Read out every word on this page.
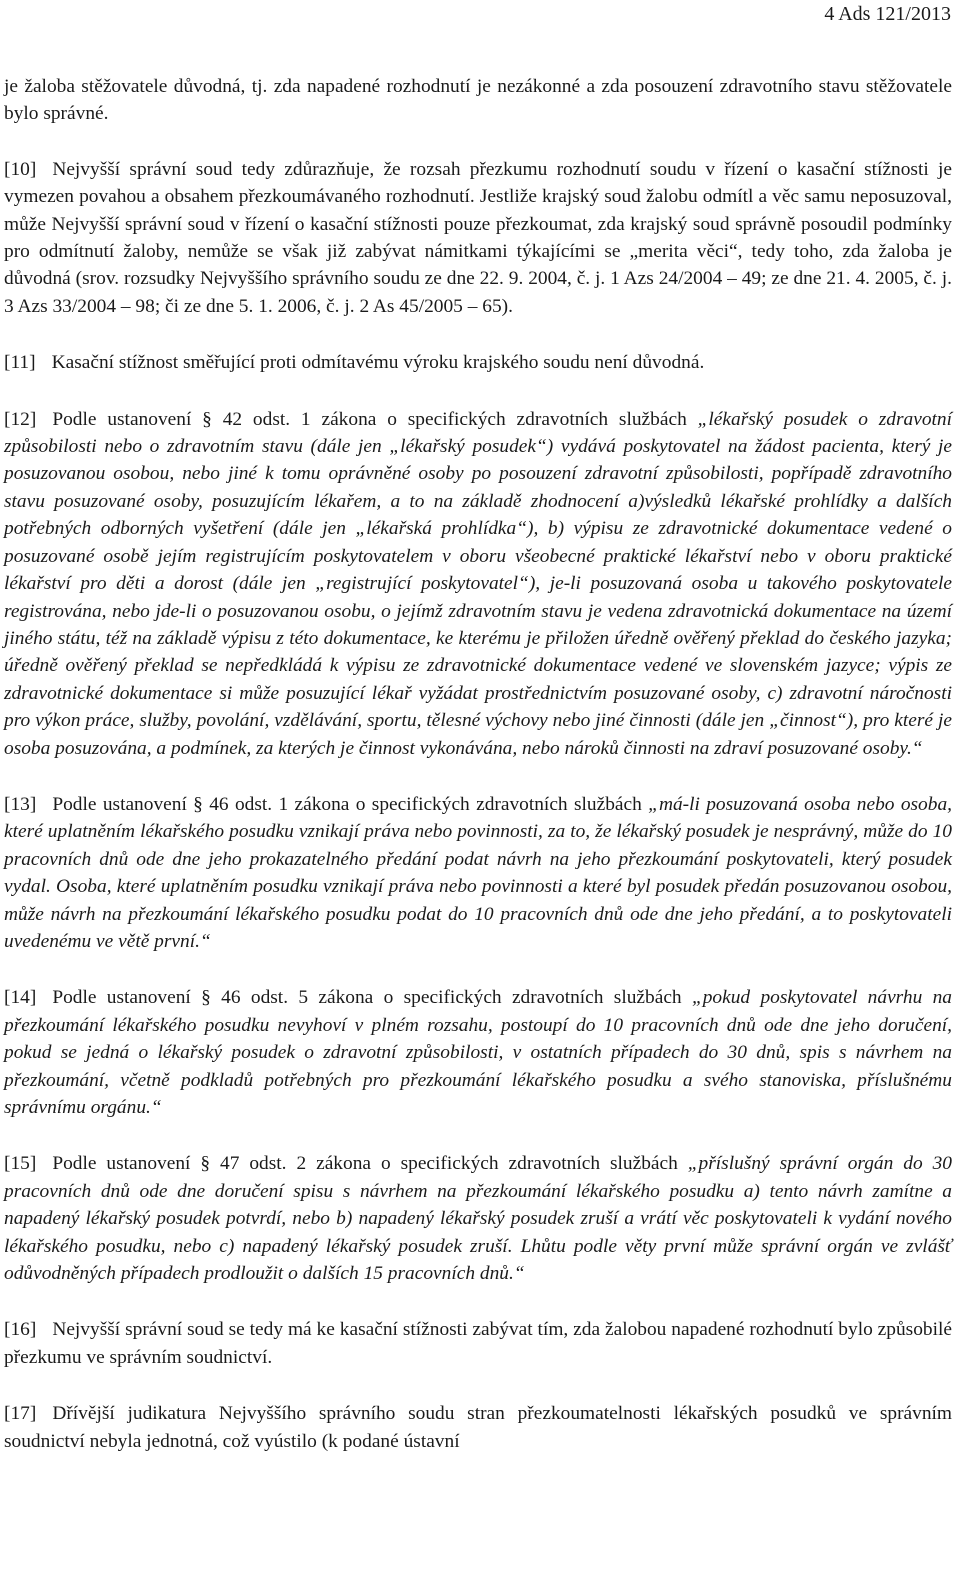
4 Ads 121/2013

je žaloba stěžovatele důvodná, tj. zda napadené rozhodnutí je nezákonné a zda posouzení zdravotního stavu stěžovatele bylo správné.

[10] Nejvyšší správní soud tedy zdůrazňuje, že rozsah přezkumu rozhodnutí soudu v řízení o kasační stížnosti je vymezen povahou a obsahem přezkoumávaného rozhodnutí. Jestliže krajský soud žalobu odmítl a věc samu neposuzoval, může Nejvyšší správní soud v řízení o kasační stížnosti pouze přezkoumat, zda krajský soud správně posoudil podmínky pro odmítnutí žaloby, nemůže se však již zabývat námitkami týkajícími se „merita věci“, tedy toho, zda žaloba je důvodná (srov. rozsudky Nejvyššího správního soudu ze dne 22. 9. 2004, č. j. 1 Azs 24/2004 – 49; ze dne 21. 4. 2005, č. j. 3 Azs 33/2004 – 98; či ze dne 5. 1. 2006, č. j. 2 As 45/2005 – 65).

[11] Kasační stížnost směřující proti odmítavému výroku krajského soudu není důvodná.

[12] Podle ustanovení § 42 odst. 1 zákona o specifických zdravotních službách „lékařský posudek o zdravotní způsobilosti nebo o zdravotním stavu (dále jen „lékařský posudek“) vydává poskytovatel na žádost pacienta, který je posuzovanou osobou, nebo jiné k tomu oprávněné osoby po posouzení zdravotní způsobilosti, popřípadě zdravotního stavu posuzované osoby, posuzujícím lékařem, a to na základě zhodnocení a)výsledků lékařské prohlídky a dalších potřebných odborných vyšetření (dále jen „lékařská prohlídka“), b) výpisu ze zdravotnické dokumentace vedené o posuzované osobě jejím registrujícím poskytovatelem v oboru všeobecné praktické lékařství nebo v oboru praktické lékařství pro děti a dorost (dále jen „registrující poskytovatel“), je-li posuzovaná osoba u takového poskytovatele registrována, nebo jde-li o posuzovanou osobu, o jejímž zdravotním stavu je vedena zdravotnická dokumentace na území jiného státu, též na základě výpisu z této dokumentace, ke kterému je přiložen úředně ověřený překlad do českého jazyka; úředně ověřený překlad se nepředkládá k výpisu ze zdravotnické dokumentace vedené ve slovenském jazyce; výpis ze zdravotnické dokumentace si může posuzující lékař vyžádat prostřednictvím posuzované osoby, c) zdravotní náročnosti pro výkon práce, služby, povolání, vzdělávání, sportu, tělesné výchovy nebo jiné činnosti (dále jen „činnost“), pro které je osoba posuzována, a podmínek, za kterých je činnost vykonávána, nebo nároků činnosti na zdraví posuzované osoby.“

[13] Podle ustanovení § 46 odst. 1 zákona o specifických zdravotních službách „má-li posuzovaná osoba nebo osoba, které uplatněním lékařského posudku vznikají práva nebo povinnosti, za to, že lékařský posudek je nesprávný, může do 10 pracovních dnů ode dne jeho prokazatelného předání podat návrh na jeho přezkoumání poskytovateli, který posudek vydal. Osoba, které uplatněním posudku vznikají práva nebo povinnosti a které byl posudek předán posuzovanou osobou, může návrh na přezkoumání lékařského posudku podat do 10 pracovních dnů ode dne jeho předání, a to poskytovateli uvedenému ve větě první.“

[14] Podle ustanovení § 46 odst. 5 zákona o specifických zdravotních službách „pokud poskytovatel návrhu na přezkoumání lékařského posudku nevyhoví v plném rozsahu, postoupí do 10 pracovních dnů ode dne jeho doručení, pokud se jedná o lékařský posudek o zdravotní způsobilosti, v ostatních případech do 30 dnů, spis s návrhem na přezkoumání, včetně podkladů potřebných pro přezkoumání lékařského posudku a svého stanoviska, příslušnému správnímu orgánu.“

[15] Podle ustanovení § 47 odst. 2 zákona o specifických zdravotních službách „příslušný správní orgán do 30 pracovních dnů ode dne doručení spisu s návrhem na přezkoumání lékařského posudku a) tento návrh zamítne a napadený lékařský posudek potvrdí, nebo b) napadený lékařský posudek zruší a vrátí věc poskytovateli k vydání nového lékařského posudku, nebo c) napadený lékařský posudek zruší. Lhůtu podle věty první může správní orgán ve zvlášť odůvodněných případech prodloužit o dalších 15 pracovních dnů.“

[16] Nejvyšší správní soud se tedy má ke kasační stížnosti zabývat tím, zda žalobou napadené rozhodnutí bylo způsobilé přezkumu ve správním soudnictví.

[17] Dřívější judikatura Nejvyššího správního soudu stran přezkoumatelnosti lékařských posudků ve správním soudnictví nebyla jednotná, což vyústilo (k podané ústavní
